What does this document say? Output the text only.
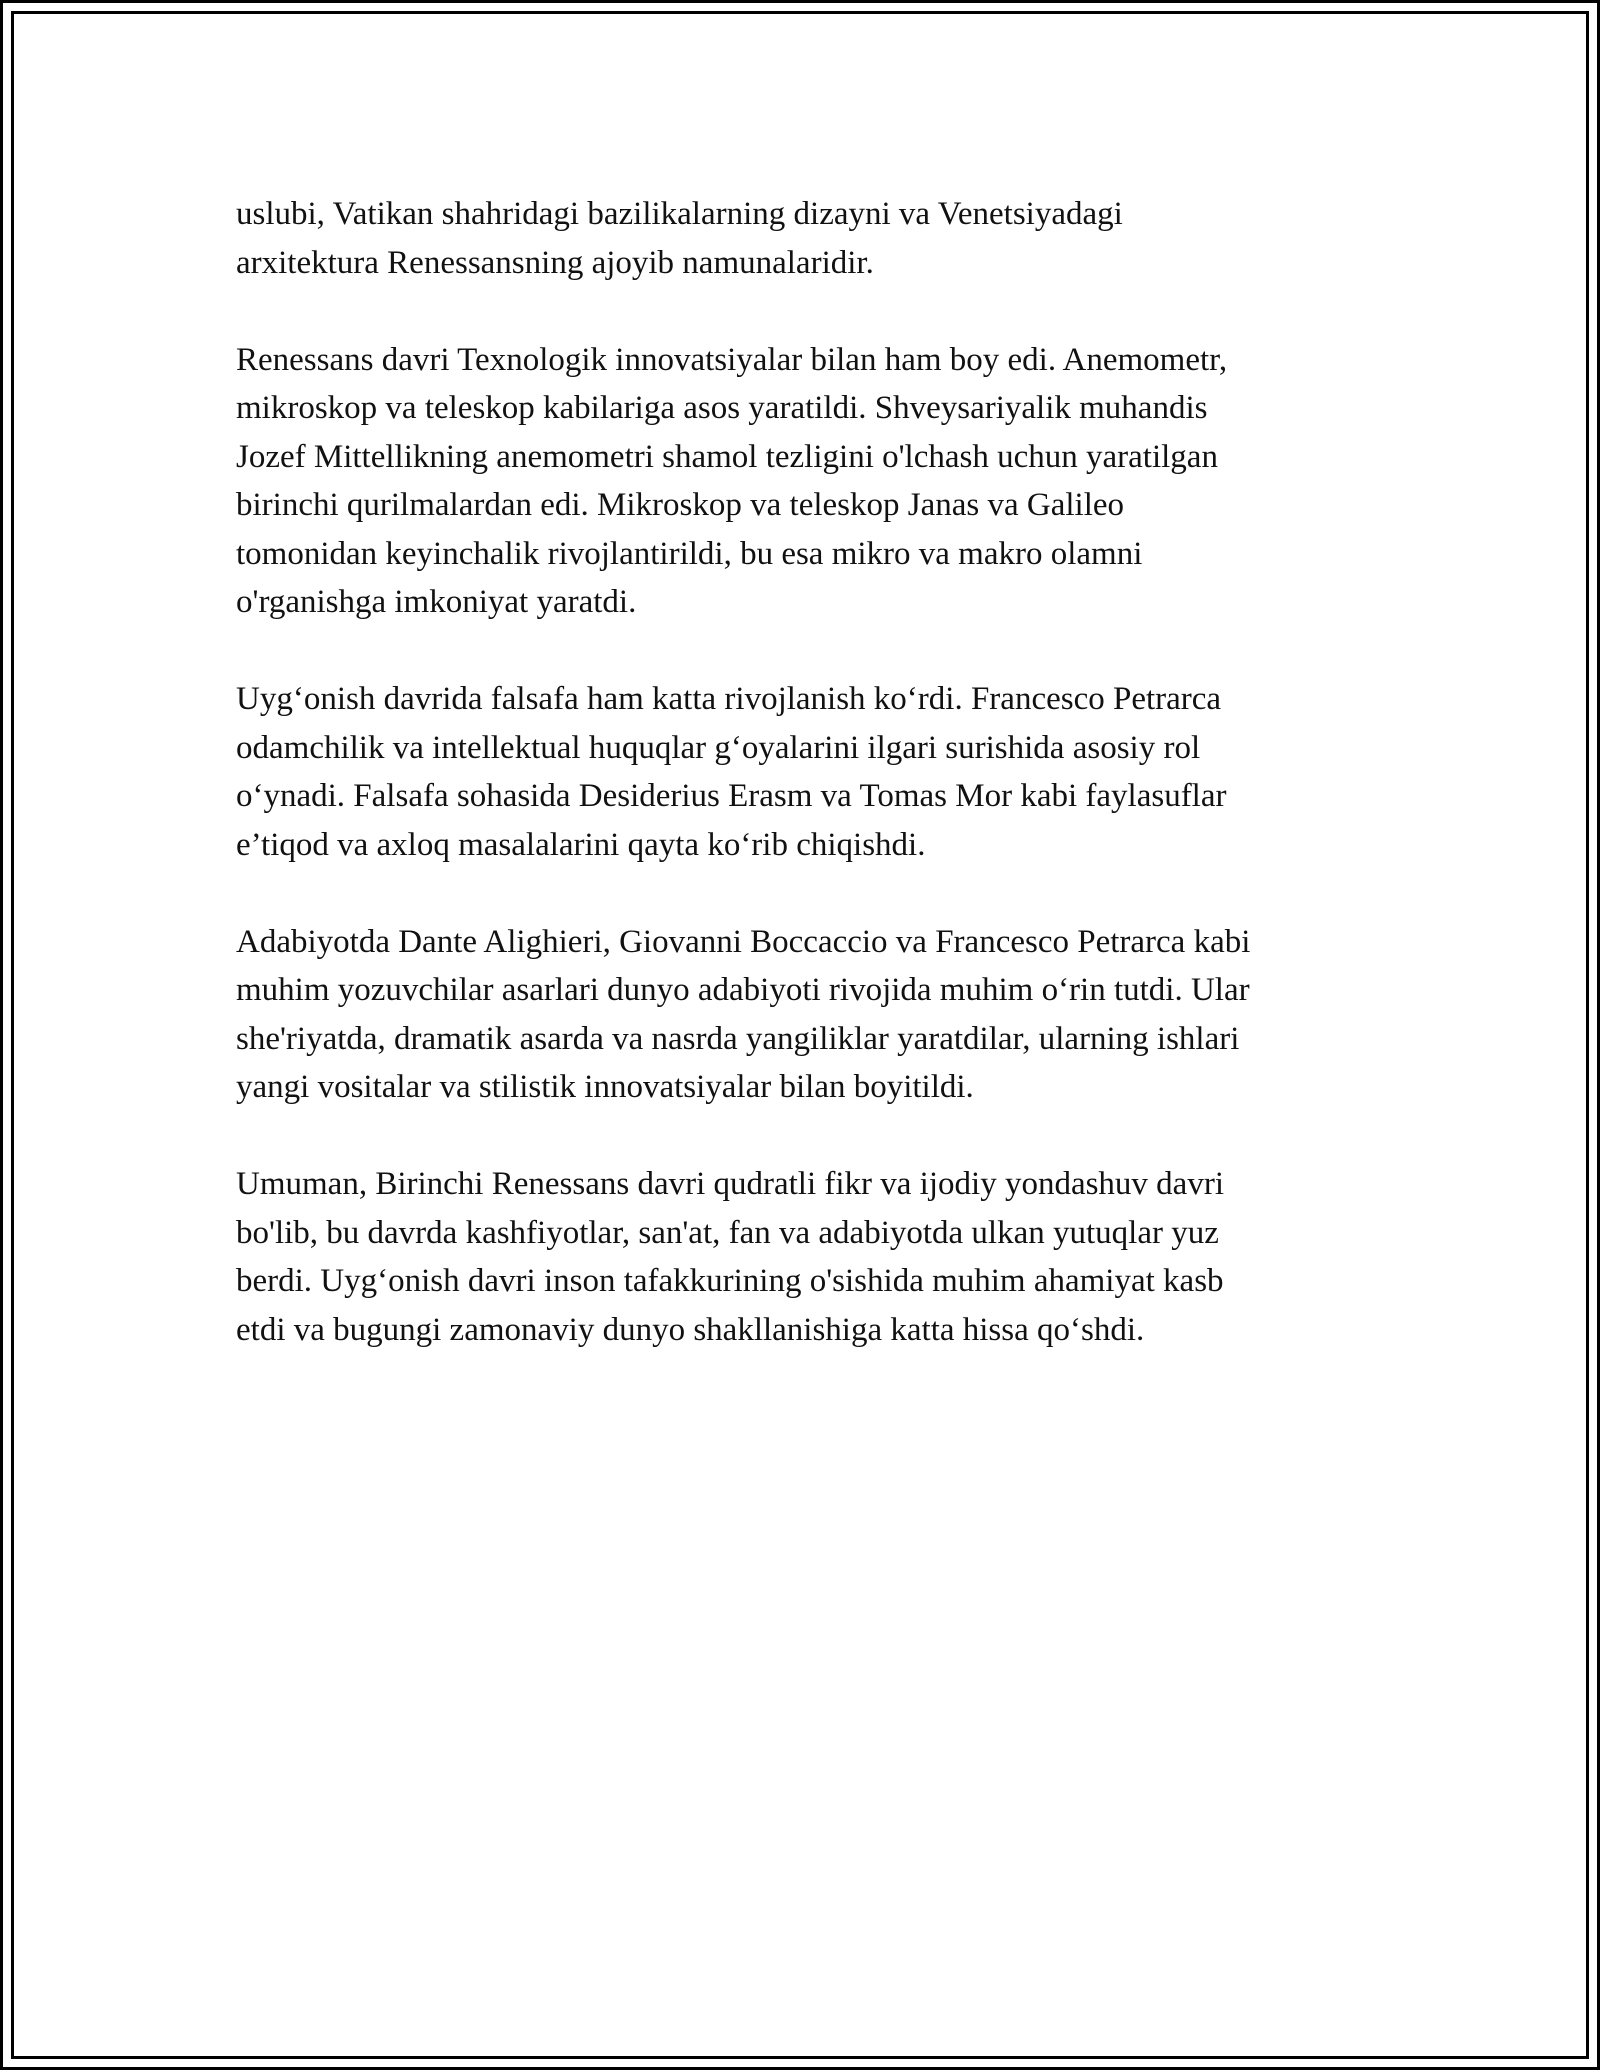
uslubi, Vatikan shahridagi bazilikalarning dizayni va Venetsiyadagi
arxitektura Renessansning ajoyib namunalaridir.

Renessans davri Texnologik innovatsiyalar bilan ham boy edi. Anemometr,
mikroskop va teleskop kabilariga asos yaratildi. Shveysariyalik muhandis
Jozef Mittellikning anemometri shamol tezligini o'lchash uchun yaratilgan
birinchi qurilmalardan edi. Mikroskop va teleskop Janas va Galileo
tomonidan keyinchalik rivojlantirildi, bu esa mikro va makro olamni
o'rganishga imkoniyat yaratdi.

Uyg‘onish davrida falsafa ham katta rivojlanish ko‘rdi. Francesco Petrarca
odamchilik va intellektual huquqlar g‘oyalarini ilgari surishida asosiy rol
o‘ynadi. Falsafa sohasida Desiderius Erasm va Tomas Mor kabi faylasuflar
e’tiqod va axloq masalalarini qayta ko‘rib chiqishdi.

Adabiyotda Dante Alighieri, Giovanni Boccaccio va Francesco Petrarca kabi
muhim yozuvchilar asarlari dunyo adabiyoti rivojida muhim o‘rin tutdi. Ular
she'riyatda, dramatik asarda va nasrda yangiliklar yaratdilar, ularning ishlari
yangi vositalar va stilistik innovatsiyalar bilan boyitildi.

Umuman, Birinchi Renessans davri qudratli fikr va ijodiy yondashuv davri
bo'lib, bu davrda kashfiyotlar, san'at, fan va adabiyotda ulkan yutuqlar yuz
berdi. Uyg‘onish davri inson tafakkurining o'sishida muhim ahamiyat kasb
etdi va bugungi zamonaviy dunyo shakllanishiga katta hissa qo‘shdi.
